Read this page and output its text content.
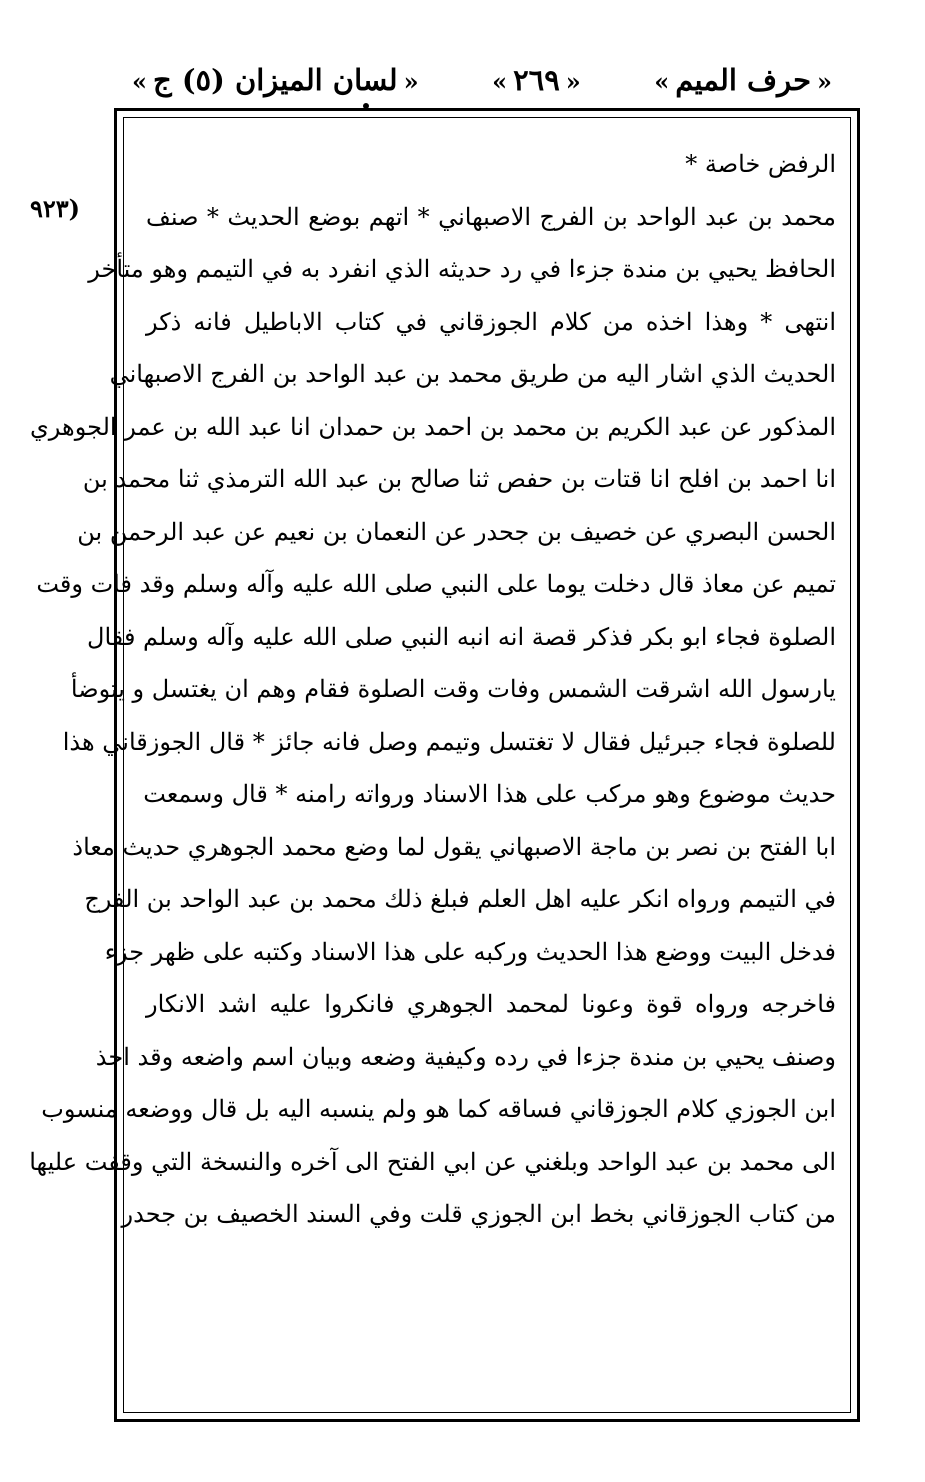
« حرف الميم »
« ٢٦٩ »
« لسان الميزان (٥) ج »
٩٢٣)
الرفض خاصة *
محمد بن عبد الواحد بن الفرج الاصبهاني * اتهم بوضع الحديث * صنف
الحافظ يحيي بن مندة جزءا في رد حديثه الذي انفرد به في التيمم وهو متأخر
انتهى * وهذا اخذه من كلام الجوزقاني في كتاب الاباطيل فانه ذكر
الحديث الذي اشار اليه من طريق محمد بن عبد الواحد بن الفرج الاصبهاني
المذكور عن عبد الكريم بن محمد بن احمد بن حمدان انا عبد الله بن عمر الجوهري
انا احمد بن افلح انا قتات بن حفص ثنا صالح بن عبد الله الترمذي ثنا محمد بن
الحسن البصري عن خصيف بن جحدر عن النعمان بن نعيم عن عبد الرحمن بن
تميم عن معاذ قال دخلت يوما على النبي صلى الله عليه وآله وسلم وقد فات وقت
الصلوة فجاء ابو بكر فذكر قصة انه انبه النبي صلى الله عليه وآله وسلم فقال
يارسول الله اشرقت الشمس وفات وقت الصلوة فقام وهم ان يغتسل و يتوضأ
للصلوة فجاء جبرئيل فقال لا تغتسل وتيمم وصل فانه جائز * قال الجوزقاني هذا
حديث موضوع وهو مركب على هذا الاسناد ورواته رامنه * قال وسمعت
ابا الفتح بن نصر بن ماجة الاصبهاني يقول لما وضع محمد الجوهري حديث معاذ
في التيمم ورواه انكر عليه اهل العلم فبلغ ذلك محمد بن عبد الواحد بن الفرج
فدخل البيت ووضع هذا الحديث وركبه على هذا الاسناد وكتبه على ظهر جزء
فاخرجه ورواه قوة وعونا لمحمد الجوهري فانكروا عليه اشد الانكار
وصنف يحيي بن مندة جزءا في رده وكيفية وضعه وبيان اسم واضعه وقد اخذ
ابن الجوزي كلام الجوزقاني فساقه كما هو ولم ينسبه اليه بل قال ووضعه منسوب
الى محمد بن عبد الواحد وبلغني عن ابي الفتح الى آخره والنسخة التي وقفت عليها
من كتاب الجوزقاني بخط ابن الجوزي قلت وفي السند الخصيف بن جحدر
